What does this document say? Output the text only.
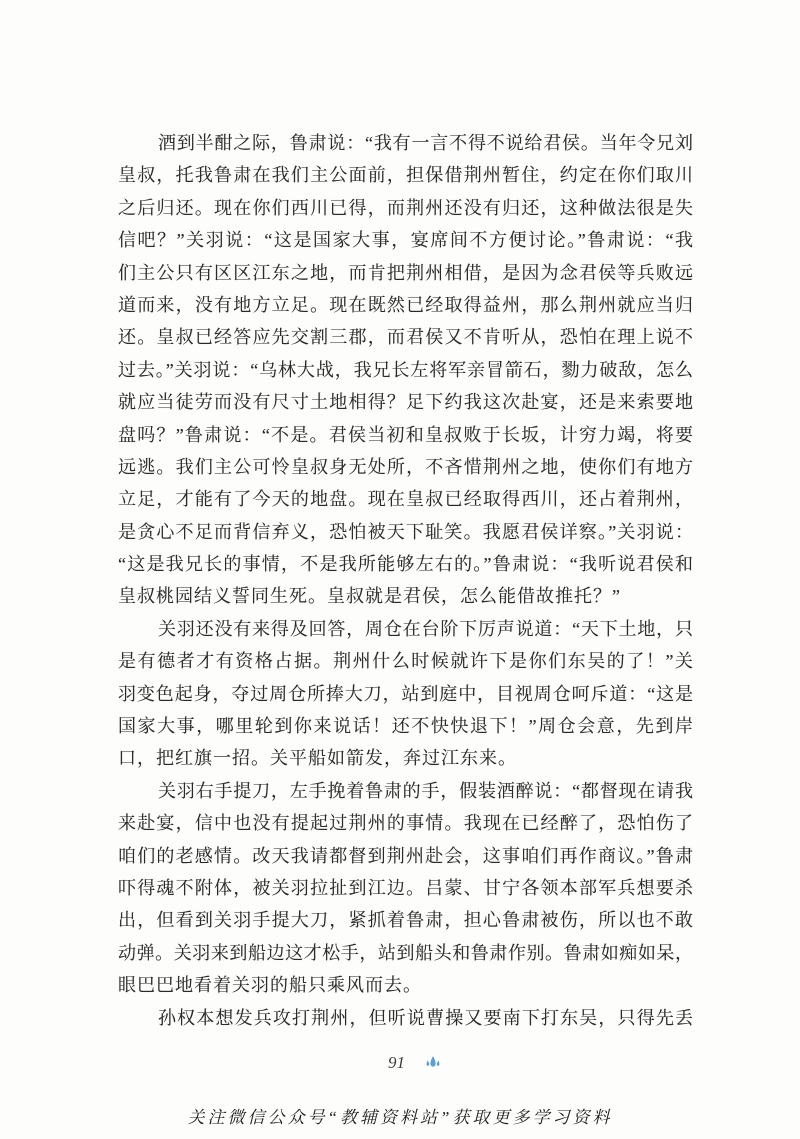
酒到半酣之际，鲁肃说：“我有一言不得不说给君侯。当年令兄刘
皇叔，托我鲁肃在我们主公面前，担保借荆州暂住，约定在你们取川
之后归还。现在你们西川已得，而荆州还没有归还，这种做法很是失
信吧？”关羽说：“这是国家大事，宴席间不方便讨论。”鲁肃说：“我
们主公只有区区江东之地，而肯把荆州相借，是因为念君侯等兵败远
道而来，没有地方立足。现在既然已经取得益州，那么荆州就应当归
还。皇叔已经答应先交割三郡，而君侯又不肯听从，恐怕在理上说不
过去。”关羽说：“乌林大战，我兄长左将军亲冒箭石，勠力破敌，怎么
就应当徒劳而没有尺寸土地相得？足下约我这次赴宴，还是来索要地
盘吗？”鲁肃说：“不是。君侯当初和皇叔败于长坂，计穷力竭，将要
远逃。我们主公可怜皇叔身无处所，不吝惜荆州之地，使你们有地方
立足，才能有了今天的地盘。现在皇叔已经取得西川，还占着荆州，
是贪心不足而背信弃义，恐怕被天下耻笑。我愿君侯详察。”关羽说：
“这是我兄长的事情，不是我所能够左右的。”鲁肃说：“我听说君侯和
皇叔桃园结义誓同生死。皇叔就是君侯，怎么能借故推托？”
关羽还没有来得及回答，周仓在台阶下厉声说道：“天下土地，只
是有德者才有资格占据。荆州什么时候就许下是你们东吴的了！”关
羽变色起身，夺过周仓所捧大刀，站到庭中，目视周仓呵斥道：“这是
国家大事，哪里轮到你来说话！还不快快退下！”周仓会意，先到岸
口，把红旗一招。关平船如箭发，奔过江东来。
关羽右手提刀，左手挽着鲁肃的手，假装酒醉说：“都督现在请我
来赴宴，信中也没有提起过荆州的事情。我现在已经醉了，恐怕伤了
咱们的老感情。改天我请都督到荆州赴会，这事咱们再作商议。”鲁肃
吓得魂不附体，被关羽拉扯到江边。吕蒙、甘宁各领本部军兵想要杀
出，但看到关羽手提大刀，紧抓着鲁肃，担心鲁肃被伤，所以也不敢
动弹。关羽来到船边这才松手，站到船头和鲁肃作别。鲁肃如痴如呆，
眼巴巴地看着关羽的船只乘风而去。
孙权本想发兵攻打荆州，但听说曹操又要南下打东吴，只得先丢
91
关注微信公众号“教辅资料站”获取更多学习资料
